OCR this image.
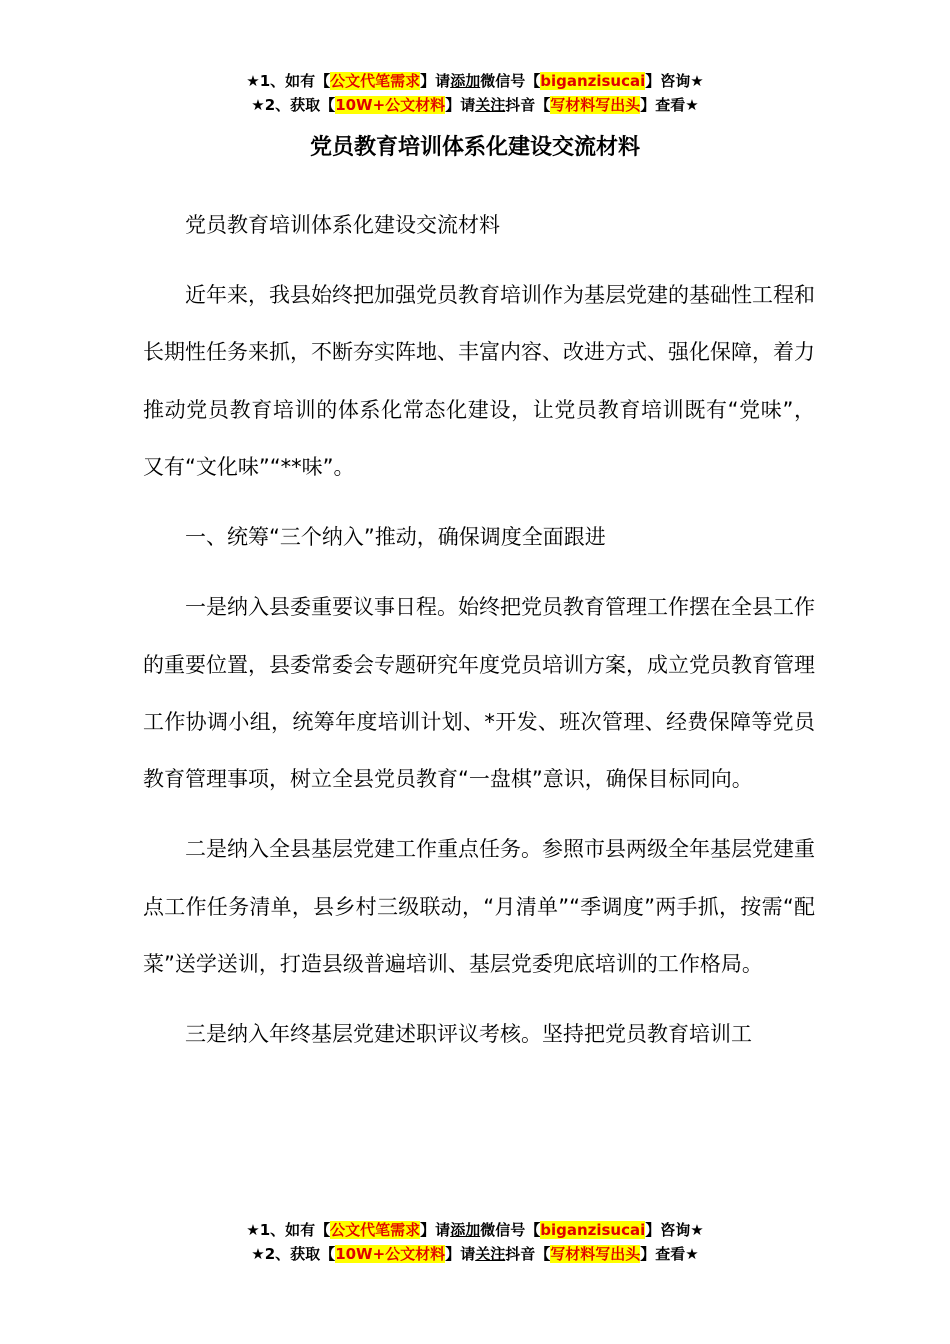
★1、如有【公文代笔需求】请添加微信号【biganzisucai】咨询★
★2、获取【10W+公文材料】请关注抖音【写材料写出头】查看★
党员教育培训体系化建设交流材料

党员教育培训体系化建设交流材料

近年来，我县始终把加强党员教育培训作为基层党建的基础性工程和长期性任务来抓，不断夯实阵地、丰富内容、改进方式、强化保障，着力推动党员教育培训的体系化常态化建设，让党员教育培训既有“党味”，又有“文化味”“**味”。

一、统筹“三个纳入”推动，确保调度全面跟进

一是纳入县委重要议事日程。始终把党员教育管理工作摆在全县工作的重要位置，县委常委会专题研究年度党员培训方案，成立党员教育管理工作协调小组，统筹年度培训计划、*开发、班次管理、经费保障等党员教育管理事项，树立全县党员教育“一盘棋”意识，确保目标同向。

二是纳入全县基层党建工作重点任务。参照市县两级全年基层党建重点工作任务清单，县乡村三级联动，“月清单”“季调度”两手抓，按需“配菜”送学送训，打造县级普遍培训、基层党委兜底培训的工作格局。

三是纳入年终基层党建述职评议考核。坚持把党员教育培训工

★1、如有【公文代笔需求】请添加微信号【biganzisucai】咨询★
★2、获取【10W+公文材料】请关注抖音【写材料写出头】查看★
